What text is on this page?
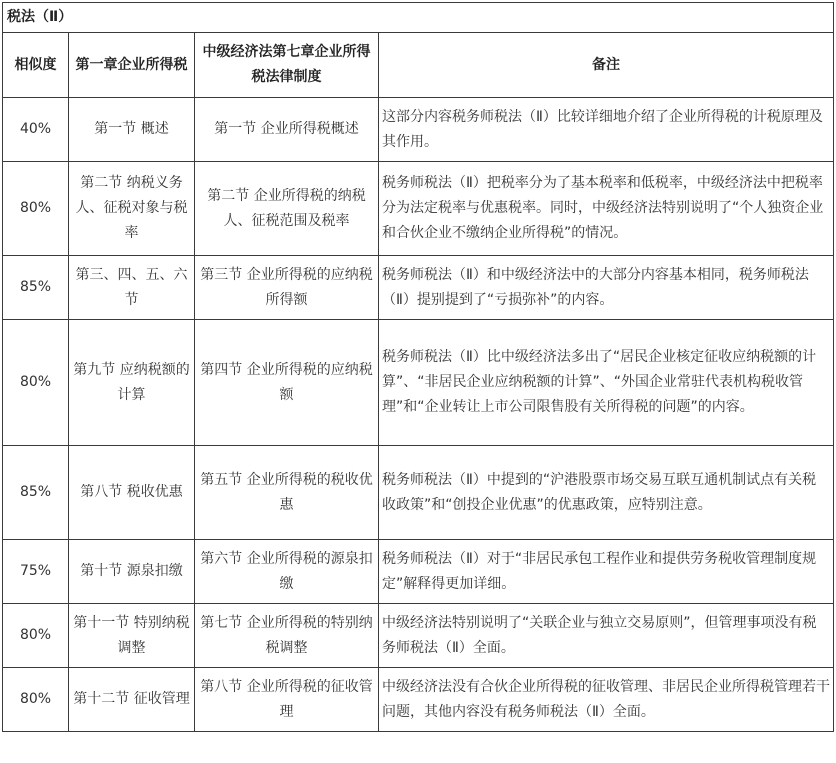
税法（Ⅱ）			
相似度	第一章企业所得税	中级经济法第七章企业所得税法律制度	备注
40%	第一节 概述	第一节 企业所得税概述	这部分内容税务师税法（Ⅱ）比较详细地介绍了企业所得税的计税原理及其作用。
80%	第二节 纳税义务人、征税对象与税率	第二节 企业所得税的纳税人、征税范围及税率	税务师税法（Ⅱ）把税率分为了基本税率和低税率，中级经济法中把税率分为法定税率与优惠税率。同时，中级经济法特别说明了“个人独资企业和合伙企业不缴纳企业所得税”的情况。
85%	第三、四、五、六节	第三节 企业所得税的应纳税所得额	税务师税法（Ⅱ）和中级经济法中的大部分内容基本相同，税务师税法（Ⅱ）提别提到了“亏损弥补”的内容。
80%	第九节 应纳税额的计算	第四节 企业所得税的应纳税额	税务师税法（Ⅱ）比中级经济法多出了“居民企业核定征收应纳税额的计算”、“非居民企业应纳税额的计算”、“外国企业常驻代表机构税收管理”和“企业转让上市公司限售股有关所得税的问题”的内容。
85%	第八节 税收优惠	第五节 企业所得税的税收优惠	税务师税法（Ⅱ）中提到的“沪港股票市场交易互联互通机制试点有关税收政策”和“创投企业优惠”的优惠政策，应特别注意。
75%	第十节 源泉扣缴	第六节 企业所得税的源泉扣缴	税务师税法（Ⅱ）对于“非居民承包工程作业和提供劳务税收管理制度规定”解释得更加详细。
80%	第十一节 特别纳税调整	第七节 企业所得税的特别纳税调整	中级经济法特别说明了“关联企业与独立交易原则”，但管理事项没有税务师税法（Ⅱ）全面。
80%	第十二节 征收管理	第八节 企业所得税的征收管理	中级经济法没有合伙企业所得税的征收管理、非居民企业所得税管理若干问题，其他内容没有税务师税法（Ⅱ）全面。
